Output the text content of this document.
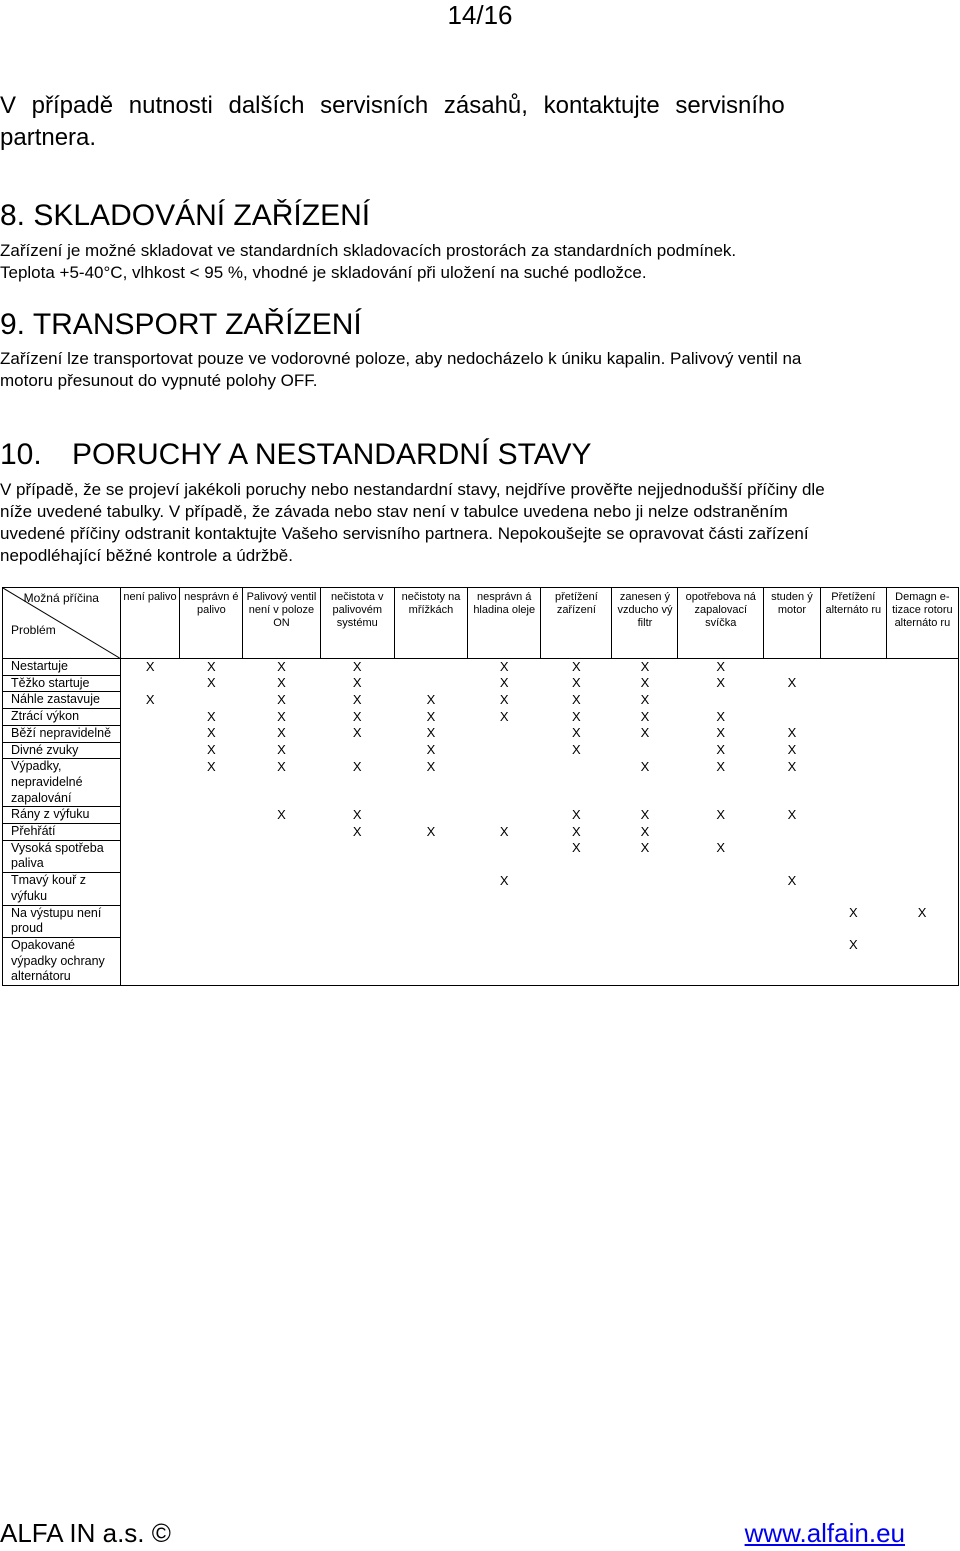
14/16
V případě nutnosti dalších servisních zásahů, kontaktujte servisního
partnera.
8. SKLADOVÁNÍ ZAŘÍZENÍ
Zařízení je možné skladovat ve standardních skladovacích prostorách za standardních podmínek.
Teplota +5-40°C, vlhkost < 95 %, vhodné je skladování při uložení na suché podložce.
9. TRANSPORT ZAŘÍZENÍ
Zařízení lze transportovat pouze ve vodorovné poloze, aby nedocházelo k úniku kapalin. Palivový ventil na
motoru přesunout do vypnuté polohy OFF.
10. PORUCHY A NESTANDARDNÍ STAVY
V případě, že se projeví jakékoli poruchy nebo nestandardní stavy, nejdříve prověřte nejjednodušší příčiny dle
níže uvedené tabulky. V případě, že závada nebo stav není v tabulce uvedena nebo ji nelze odstraněním
uvedené příčiny odstranit kontaktujte Vašeho servisního partnera. Nepokoušejte se opravovat části zařízení
nepodléhající běžné kontrole a údržbě.
Možná příčina
Problém	není palivo	nesprávn é palivo	Palivový ventil není v poloze ON	nečistota v palivovém systému	nečistoty na mřížkách	nesprávn á hladina oleje	přetížení zařízení	zanesen ý vzducho vý filtr	opotřebova ná zapalovací svíčka	studen ý motor	Přetížení alternáto ru	Demagn e-tizace rotoru alternáto ru
Nestartuje	X	X	X	X		X	X	X	X			
Těžko startuje		X	X	X		X	X	X	X	X		
Náhle zastavuje	X		X	X	X	X	X	X				
Ztrácí výkon		X	X	X	X	X	X	X	X			
Běží nepravidelně		X	X	X	X		X	X	X	X		
Divné zvuky		X	X		X		X		X	X		
Výpadky, nepravidelné zapalování		X	X	X	X			X	X	X		
Rány z výfuku			X	X			X	X	X	X		
Přehřátí				X	X	X	X	X				
Vysoká spotřeba paliva							X	X	X			
Tmavý kouř z výfuku						X				X		
Na výstupu není proud											X	X
Opakované výpadky ochrany alternátoru											X	
ALFA IN a.s. ©	www.alfain.eu
